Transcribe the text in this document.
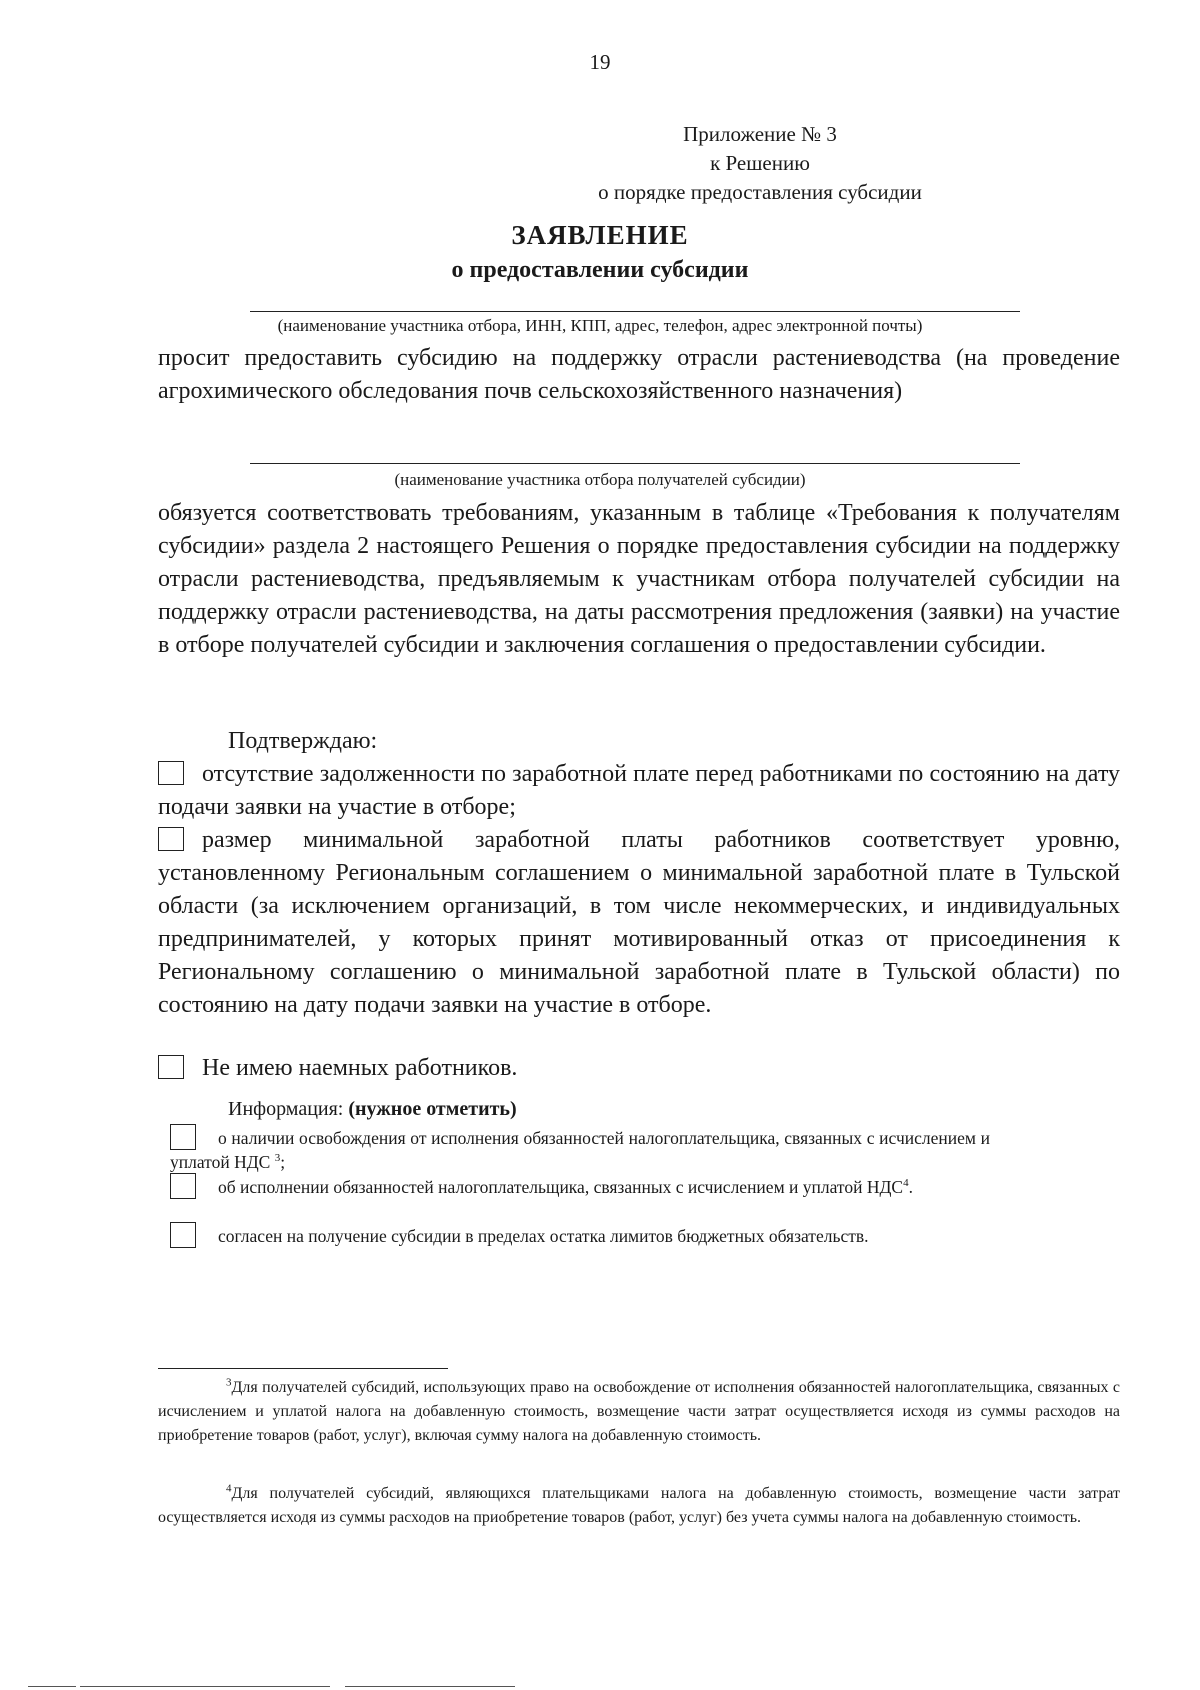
19
Приложение № 3
к Решению
о порядке предоставления субсидии
ЗАЯВЛЕНИЕ
о предоставлении субсидии
(наименование участника отбора, ИНН, КПП, адрес, телефон, адрес электронной почты)

просит предоставить субсидию на поддержку отрасли растениеводства (на проведение агрохимического обследования почв сельскохозяйственного назначения)

(наименование участника отбора получателей субсидии)

обязуется соответствовать требованиям, указанным в таблице «Требования к получателям субсидии» раздела 2 настоящего Решения о порядке предоставления субсидии на поддержку отрасли растениеводства, предъявляемым к участникам отбора получателей субсидии на поддержку отрасли растениеводства, на даты рассмотрения предложения (заявки) на участие в отборе получателей субсидии и заключения соглашения о предоставлении субсидии.

Подтверждаю:
отсутствие задолженности по заработной плате перед работниками по состоянию на дату подачи заявки на участие в отборе;
размер минимальной заработной платы работников соответствует уровню, установленному Региональным соглашением о минимальной заработной плате в Тульской области (за исключением организаций, в том числе некоммерческих, и индивидуальных предпринимателей, у которых принят мотивированный отказ от присоединения к Региональному соглашению о минимальной заработной плате в Тульской области) по состоянию на дату подачи заявки на участие в отборе.
Не имею наемных работников.
Информация: (нужное отметить)
о наличии освобождения от исполнения обязанностей налогоплательщика, связанных с исчислением и уплатой НДС $^3$;
об исполнении обязанностей налогоплательщика, связанных с исчислением и уплатой НДС$^4$.
согласен на получение субсидии в пределах остатка лимитов бюджетных обязательств.
$^3$Для получателей субсидий, использующих право на освобождение от исполнения обязанностей налогоплательщика, связанных с исчислением и уплатой налога на добавленную стоимость, возмещение части затрат осуществляется исходя из суммы расходов на приобретение товаров (работ, услуг), включая сумму налога на добавленную стоимость.
$^4$Для получателей субсидий, являющихся плательщиками налога на добавленную стоимость, возмещение части затрат осуществляется исходя из суммы расходов на приобретение товаров (работ, услуг) без учета суммы налога на добавленную стоимость.
